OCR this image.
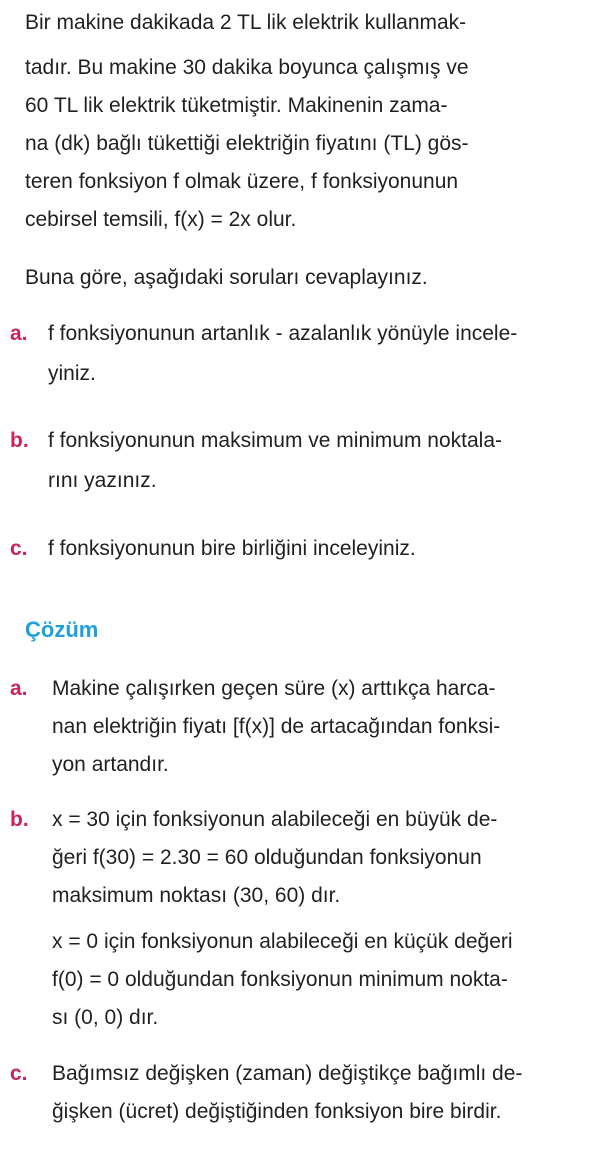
Bir makine dakikada 2 TL lik elektrik kullanmak-
tadır. Bu makine 30 dakika boyunca çalışmış ve
60 TL lik elektrik tüketmiştir. Makinenin zama-
na (dk) bağlı tükettiği elektriğin fiyatını (TL) gös-
teren fonksiyon f olmak üzere, f fonksiyonunun
cebirsel temsili, f(x) = 2x olur.
Buna göre, aşağıdaki soruları cevaplayınız.
a. f fonksiyonunun artanlık - azalanlık yönüyle incele-
yiniz.
b. f fonksiyonunun maksimum ve minimum noktala-
rını yazınız.
c. f fonksiyonunun bire birliğini inceleyiniz.
Çözüm
a. Makine çalışırken geçen süre (x) arttıkça harca-
nan elektriğin fiyatı [f(x)] de artacağından fonksi-
yon artandır.
b. x = 30 için fonksiyonun alabileceği en büyük de-
ğeri f(30) = 2.30 = 60 olduğundan fonksiyonun
maksimum noktası (30, 60) dır.
x = 0 için fonksiyonun alabileceği en küçük değeri
f(0) = 0 olduğundan fonksiyonun minimum nokta-
sı (0, 0) dır.
c. Bağımsız değişken (zaman) değiştikçe bağımlı de-
ğişken (ücret) değiştiğinden fonksiyon bire birdir.
